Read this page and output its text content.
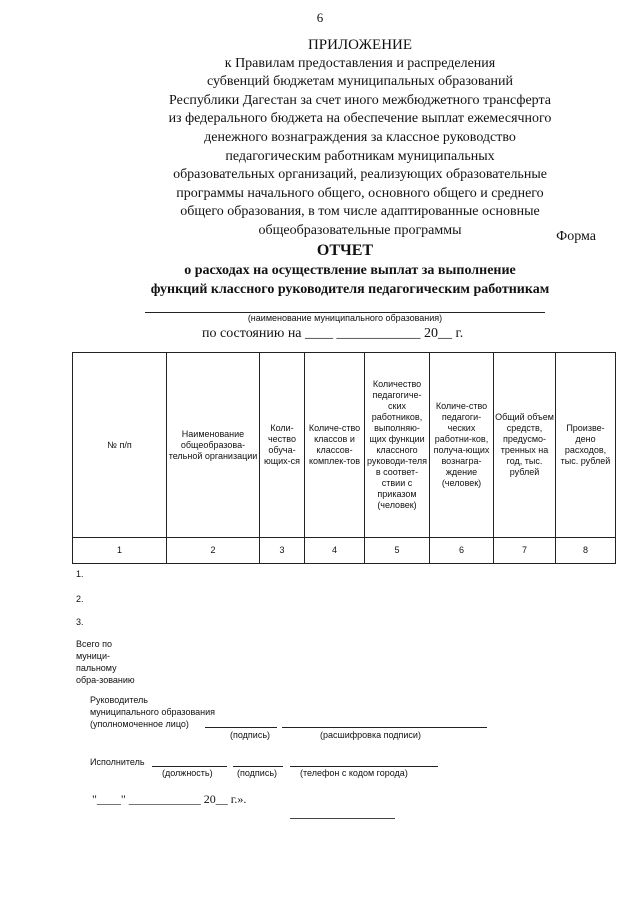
6
ПРИЛОЖЕНИЕ
к Правилам предоставления и распределения
субвенций бюджетам муниципальных образований
Республики Дагестан за счет иного межбюджетного трансферта
из федерального бюджета на обеспечение выплат ежемесячного
денежного вознаграждения за классное руководство
педагогическим работникам муниципальных
образовательных организаций, реализующих образовательные
программы начального общего, основного общего и среднего
общего образования, в том числе адаптированные основные
общеобразовательные программы	Форма
ОТЧЕТ
о расходах на осуществление выплат за выполнение
функций классного руководителя педагогическим работникам
(наименование муниципального образования)
по состоянию на ____ ____________ 20__ г.
№ п/п	Наименование общеобразова-тельной организации	Коли-чество обуча-ющих-ся	Количе-ство классов и классов-комплек-тов	Количество педагогиче-ских работников, выполняю-щих функции классного руководи-теля в соответ-ствии с приказом (человек)	Количе-ство педагоги-ческих работни-ков, получа-ющих вознагра-ждение (человек)	Общий объем средств, предусмо-тренных на год, тыс. рублей	Произве-дено расходов, тыс. рублей
1	2	3	4	5	6	7	8
1.
2.
3.
Всего по муници-пальному обра-зованию
Руководитель
муниципального образования
(уполномоченное лицо)
(подпись)	(расшифровка подписи)
Исполнитель
(должность)	(подпись)	(телефон с кодом города)
"____" ____________ 20__ г.».
